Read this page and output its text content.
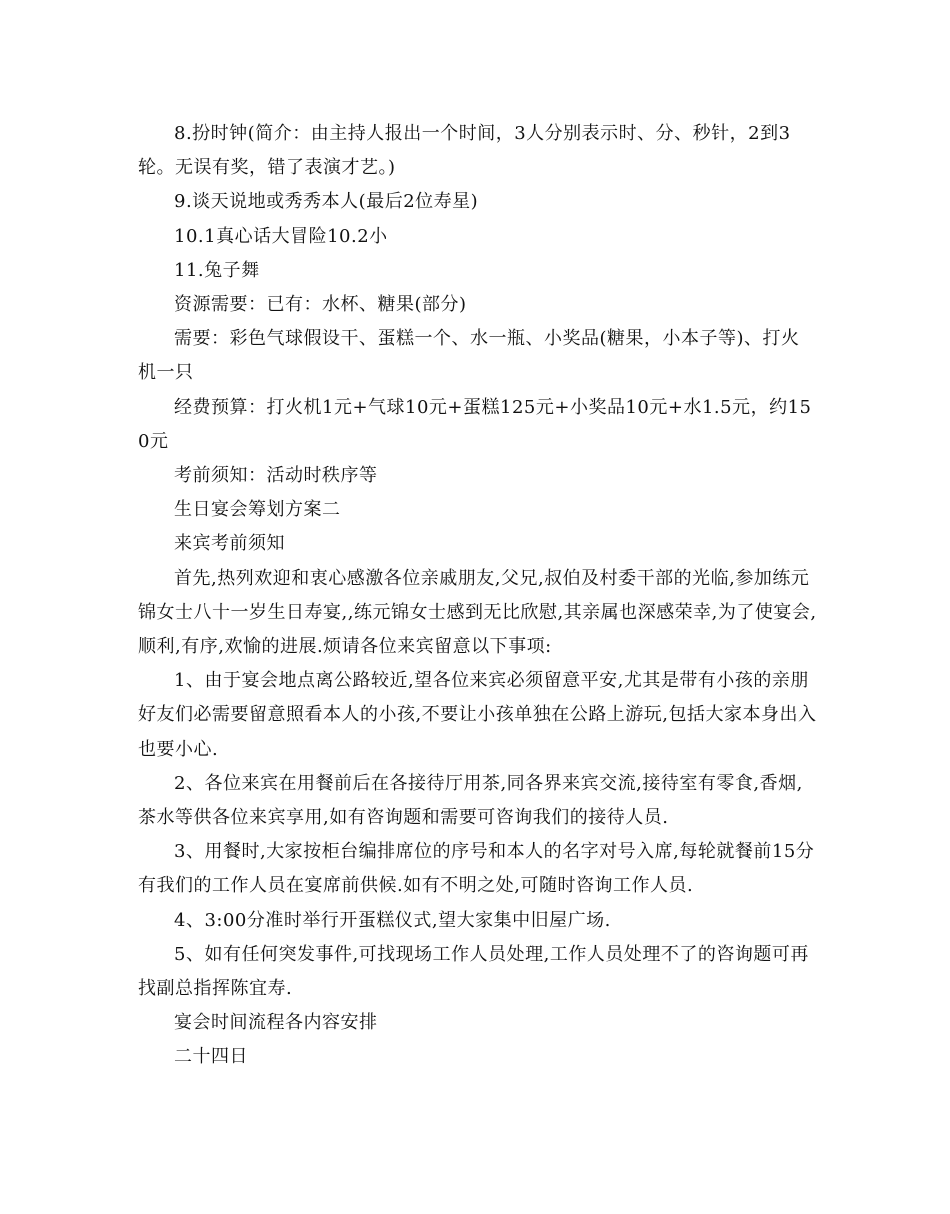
8.扮时钟(简介：由主持人报出一个时间，3人分别表示时、分、秒针，2到3轮。无误有奖，错了表演才艺。)

9.谈天说地或秀秀本人(最后2位寿星)

10.1真心话大冒险10.2小

11.兔子舞

资源需要：已有：水杯、糖果(部分)

需要：彩色气球假设干、蛋糕一个、水一瓶、小奖品(糖果，小本子等)、打火机一只

经费预算：打火机1元+气球10元+蛋糕125元+小奖品10元+水1.5元，约150元

考前须知：活动时秩序等

生日宴会筹划方案二

来宾考前须知

首先,热列欢迎和衷心感激各位亲戚朋友,父兄,叔伯及村委干部的光临,参加练元锦女士八十一岁生日寿宴,,练元锦女士感到无比欣慰,其亲属也深感荣幸,为了使宴会,顺利,有序,欢愉的进展.烦请各位来宾留意以下事项:

1、由于宴会地点离公路较近,望各位来宾必须留意平安,尤其是带有小孩的亲朋好友们必需要留意照看本人的小孩,不要让小孩单独在公路上游玩,包括大家本身出入也要小心.

2、各位来宾在用餐前后在各接待厅用茶,同各界来宾交流,接待室有零食,香烟,茶水等供各位来宾享用,如有咨询题和需要可咨询我们的接待人员.

3、用餐时,大家按柜台编排席位的序号和本人的名字对号入席,每轮就餐前15分有我们的工作人员在宴席前供候.如有不明之处,可随时咨询工作人员.

4、3:00分准时举行开蛋糕仪式,望大家集中旧屋广场.

5、如有任何突发事件,可找现场工作人员处理,工作人员处理不了的咨询题可再找副总指挥陈宜寿.

宴会时间流程各内容安排

二十四日
